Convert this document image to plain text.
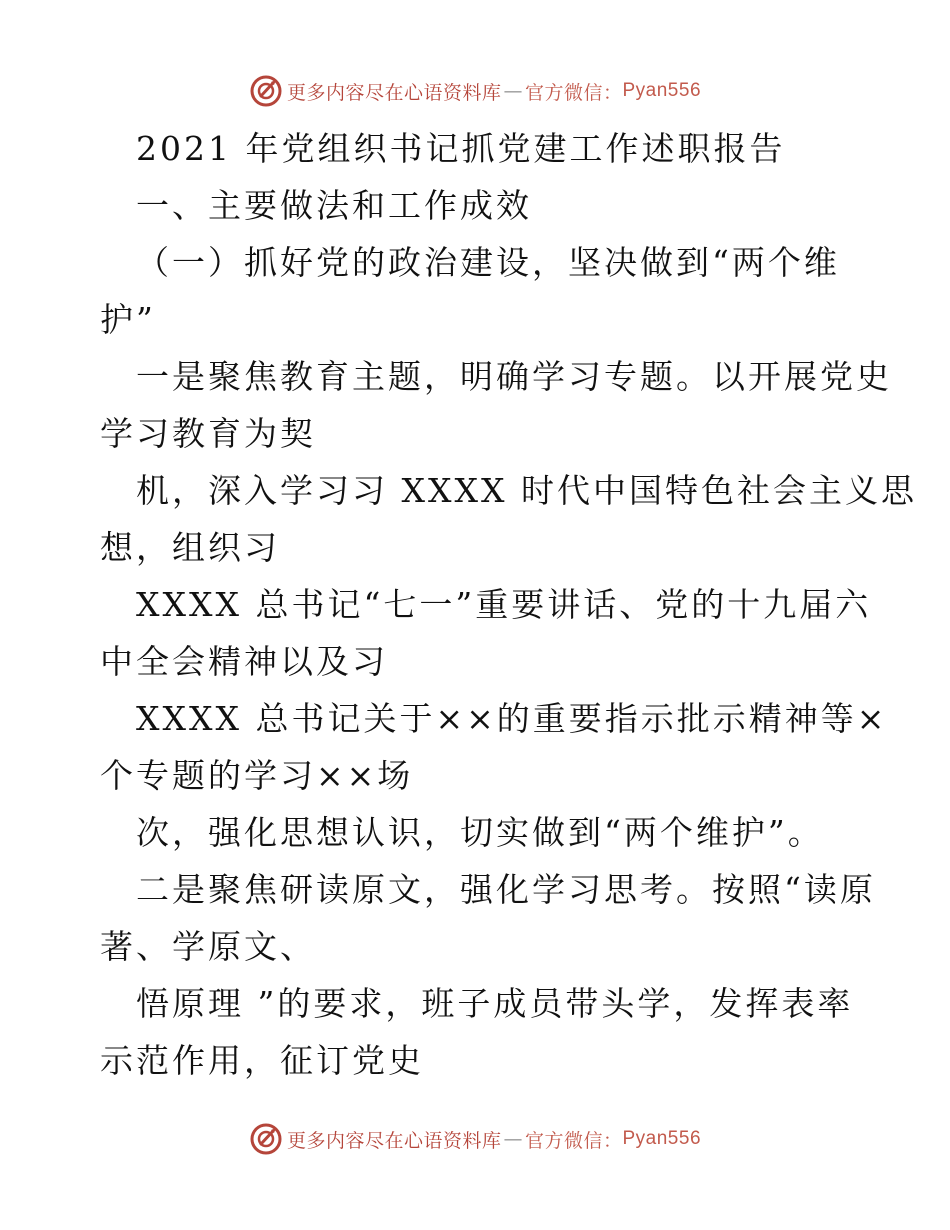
更多内容尽在心语资料库 — 官方微信： Pyan556
2021 年党组织书记抓党建工作述职报告
一、主要做法和工作成效
（一）抓好党的政治建设，坚决做到“两个维
护”
一是聚焦教育主题，明确学习专题。以开展党史
学习教育为契
机，深入学习习 XXXX 时代中国特色社会主义思
想，组织习
XXXX 总书记“七一”重要讲话、党的十九届六
中全会精神以及习
XXXX 总书记关于××的重要指示批示精神等×
个专题的学习××场
次，强化思想认识，切实做到“两个维护”。
二是聚焦研读原文，强化学习思考。按照“读原
著、学原文、
悟原理 ”的要求，班子成员带头学，发挥表率
示范作用，征订党史
更多内容尽在心语资料库 — 官方微信： Pyan556
